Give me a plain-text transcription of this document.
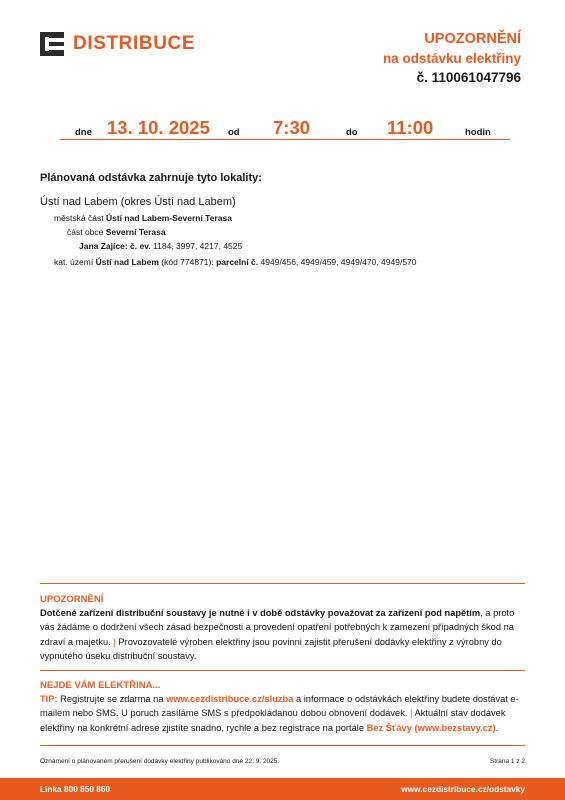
DISTRIBUCE	UPOZORNĚNÍ
na odstávku elektřiny
č. 110061047796
dne 13. 10. 2025 od 7:30	do 11:00	hodin
Plánovaná odstávka zahrnuje tyto lokality:
Ústí nad Labem (okres Ústí nad Labem)
městská část Ústí nad Labem-Severní Terasa
část obce Severní Terasa
Jana Zajíce: č. ev. 1184, 3997, 4217, 4525
kat. území Ústí nad Labem (kód 774871): parcelní č. 4949/456, 4949/459, 4949/470, 4949/570
UPOZORNĚNÍ
Dotčené zařízení distribuční soustavy je nutné i v době odstávky považovat za zařízení pod napětím, a proto vás žádáme o dodržení všech zásad bezpečnosti a provedení opatření potřebných k zamezení případných škod na zdraví a majetku. | Provozovatelé výroben elektřiny jsou povinni zajistit přerušení dodávky elektřiny z výrobny do vypnutého úseku distribuční soustavy.
NEJDE VÁM ELEKTŘINA...
TIP: Registrujte se zdarma na www.cezdistribuce.cz/sluzba a informace o odstávkách elektřiny budete dostávat e-mailem nebo SMS. U poruch zasíláme SMS s předpokládanou dobou obnovení dodávek. | Aktuální stav dodávek elektřiny na konkrétní adrese zjistíte snadno, rychle a bez registrace na portále Bez Šťávy (www.bezstavy.cz).
Oznámení o plánovaném přerušení dodávky elektřiny publikováno dne 22. 9. 2025.	Strana 1 z 2
Linka 800 850 860	www.cezdistribuce.cz/odstavky
